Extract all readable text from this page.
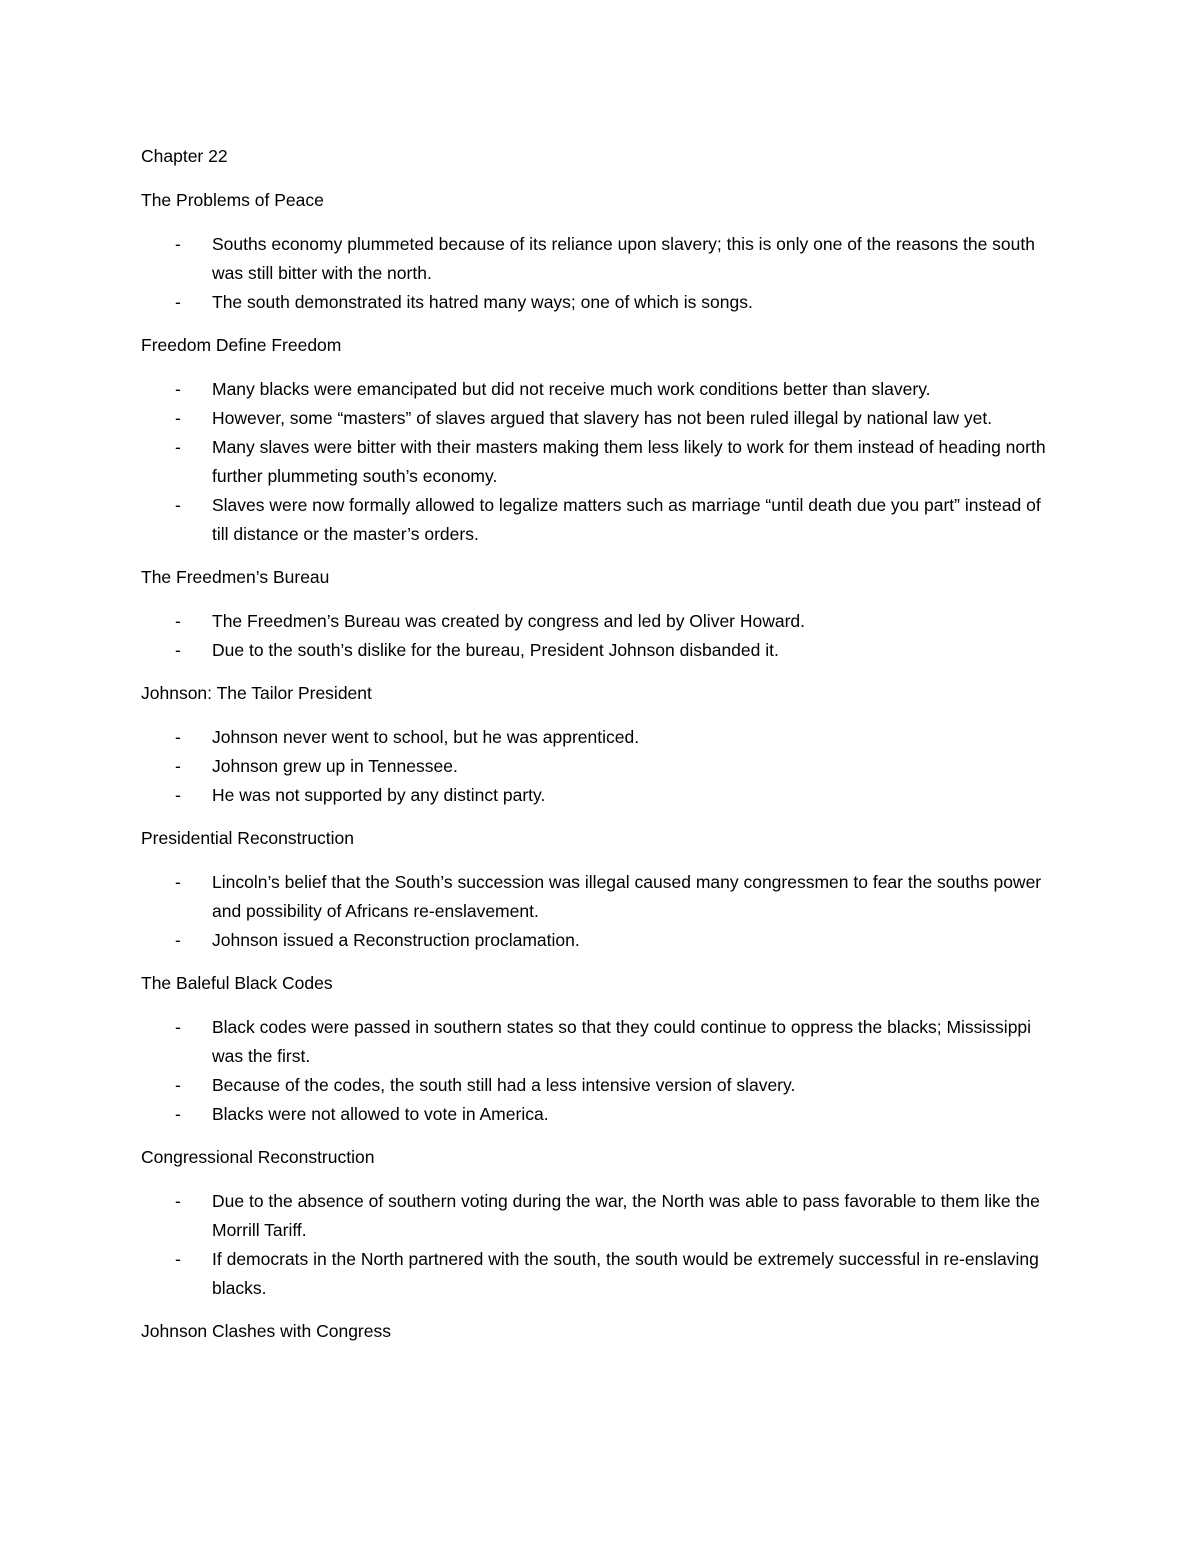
Chapter 22

The Problems of Peace

- Souths economy plummeted because of its reliance upon slavery; this is only one of the reasons the south was still bitter with the north.
- The south demonstrated its hatred many ways; one of which is songs.

Freedom Define Freedom

- Many blacks were emancipated but did not receive much work conditions better than slavery.
- However, some “masters” of slaves argued that slavery has not been ruled illegal by national law yet.
- Many slaves were bitter with their masters making them less likely to work for them instead of heading north further plummeting south’s economy.
- Slaves were now formally allowed to legalize matters such as marriage “until death due you part” instead of till distance or the master’s orders.

The Freedmen’s Bureau

- The Freedmen’s Bureau was created by congress and led by Oliver Howard.
- Due to the south’s dislike for the bureau, President Johnson disbanded it.

Johnson: The Tailor President

- Johnson never went to school, but he was apprenticed.
- Johnson grew up in Tennessee.
- He was not supported by any distinct party.

Presidential Reconstruction

- Lincoln’s belief that the South’s succession was illegal caused many congressmen to fear the souths power and possibility of Africans re-enslavement.
- Johnson issued a Reconstruction proclamation.

The Baleful Black Codes

- Black codes were passed in southern states so that they could continue to oppress the blacks; Mississippi was the first.
- Because of the codes, the south still had a less intensive version of slavery.
- Blacks were not allowed to vote in America.

Congressional Reconstruction

- Due to the absence of southern voting during the war, the North was able to pass favorable to them like the Morrill Tariff.
- If democrats in the North partnered with the south, the south would be extremely successful in re-enslaving blacks.

Johnson Clashes with Congress
